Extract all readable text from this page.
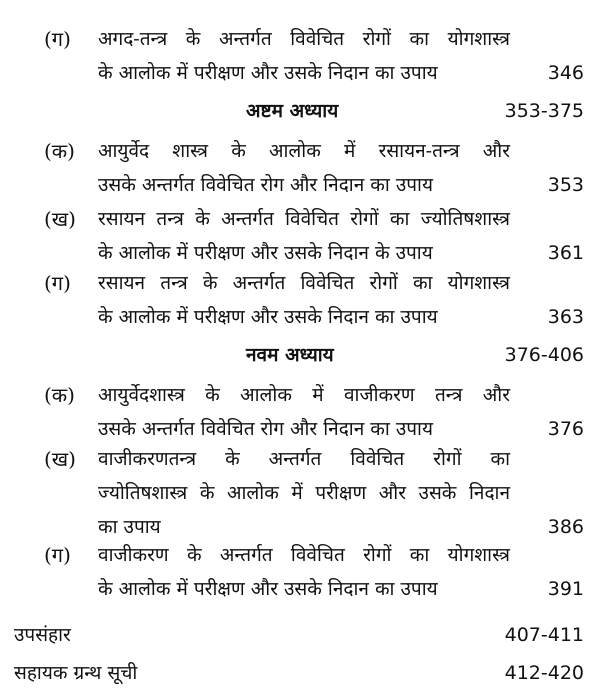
(ग) अगद-तन्त्र के अन्तर्गत विवेचित रोगों का योगशास्त्र
के आलोक में परीक्षण और उसके निदान का उपाय	346
अष्टम अध्याय	353-375
(क) आयुर्वेद शास्त्र के आलोक में रसायन-तन्त्र और
उसके अन्तर्गत विवेचित रोग और निदान का उपाय	353
(ख) रसायन तन्त्र के अन्तर्गत विवेचित रोगों का ज्योतिषशास्त्र
के आलोक में परीक्षण और उसके निदान के उपाय	361
(ग) रसायन तन्त्र के अन्तर्गत विवेचित रोगों का योगशास्त्र
के आलोक में परीक्षण और उसके निदान का उपाय	363
नवम अध्याय	376-406
(क) आयुर्वेदशास्त्र के आलोक में वाजीकरण तन्त्र और
उसके अन्तर्गत विवेचित रोग और निदान का उपाय	376
(ख) वाजीकरणतन्त्र के अन्तर्गत विवेचित रोगों का
ज्योतिषशास्त्र के आलोक में परीक्षण और उसके निदान
का उपाय	386
(ग) वाजीकरण के अन्तर्गत विवेचित रोगों का योगशास्त्र
के आलोक में परीक्षण और उसके निदान का उपाय	391
उपसंहार	407-411
सहायक ग्रन्थ सूची	412-420
